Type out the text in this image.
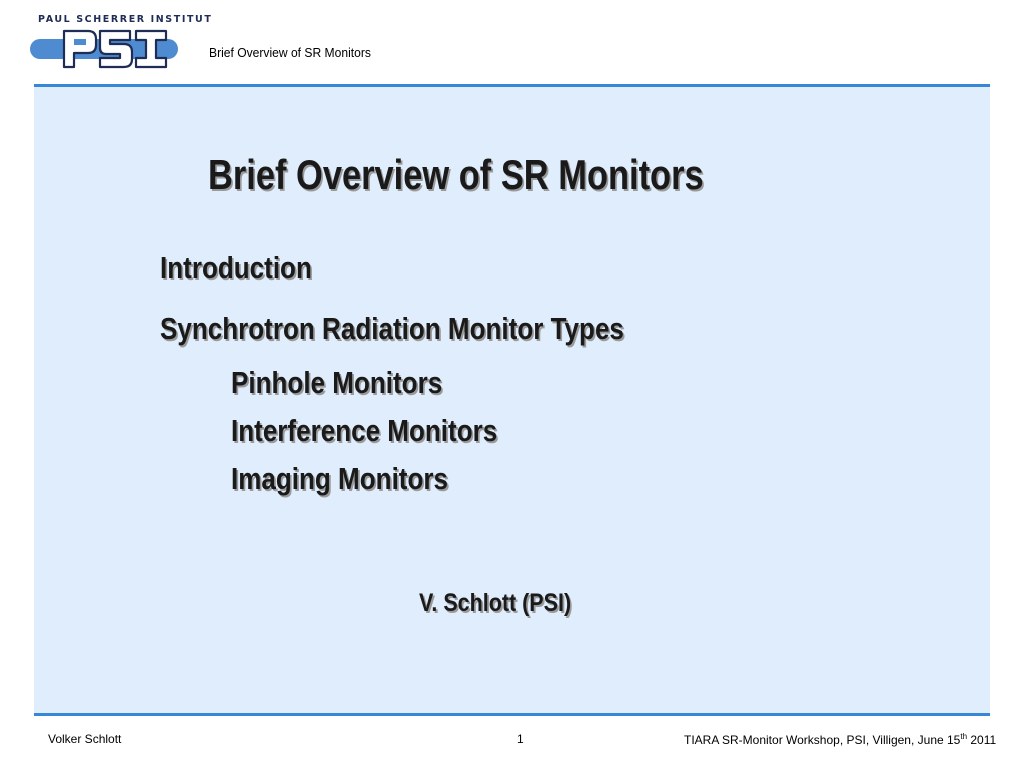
PAUL SCHERRER INSTITUT
Brief Overview of SR Monitors
Brief Overview of SR Monitors
Introduction
Synchrotron Radiation Monitor Types
Pinhole Monitors
Interference Monitors
Imaging Monitors
V. Schlott (PSI)
Volker Schlott	1	TIARA SR-Monitor Workshop, PSI, Villigen, June 15th 2011
